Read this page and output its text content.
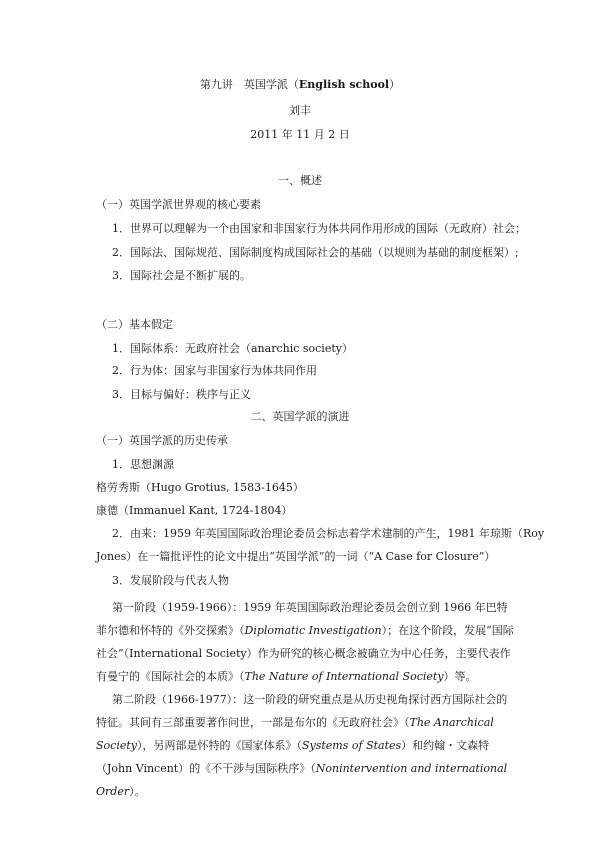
第九讲　英国学派（English school）
刘丰
2011 年 11 月 2 日
一、概述
（一）英国学派世界观的核心要素
1．世界可以理解为一个由国家和非国家行为体共同作用形成的国际（无政府）社会；
2．国际法、国际规范、国际制度构成国际社会的基础（以规则为基础的制度框架）;
3．国际社会是不断扩展的。
（二）基本假定
1．国际体系：无政府社会（anarchic society）
2．行为体：国家与非国家行为体共同作用
3．目标与偏好：秩序与正义
二、英国学派的演进
（一）英国学派的历史传承
1．思想渊源
格劳秀斯（Hugo Grotius, 1583-1645）
康德（Immanuel Kant, 1724-1804）
2．由来：1959 年英国国际政治理论委员会标志着学术建制的产生，1981 年琼斯（Roy
Jones）在一篇批评性的论文中提出“英国学派”的一词（“A Case for Closure”）
3．发展阶段与代表人物
第一阶段（1959-1966）：1959 年英国国际政治理论委员会创立到 1966 年巴特菲尔德和怀特的《外交探索》（Diplomatic Investigation）；在这个阶段，发展“国际社会”（International Society）作为研究的核心概念被确立为中心任务，主要代表作有曼宁的《国际社会的本质》（The Nature of International Society）等。
第二阶段（1966-1977）：这一阶段的研究重点是从历史视角探讨西方国际社会的特征。其间有三部重要著作问世，一部是布尔的《无政府社会》（The Anarchical Society），另两部是怀特的《国家体系》（Systems of States）和约翰・文森特（John Vincent）的《不干涉与国际秩序》（Nonintervention and international Order）。
